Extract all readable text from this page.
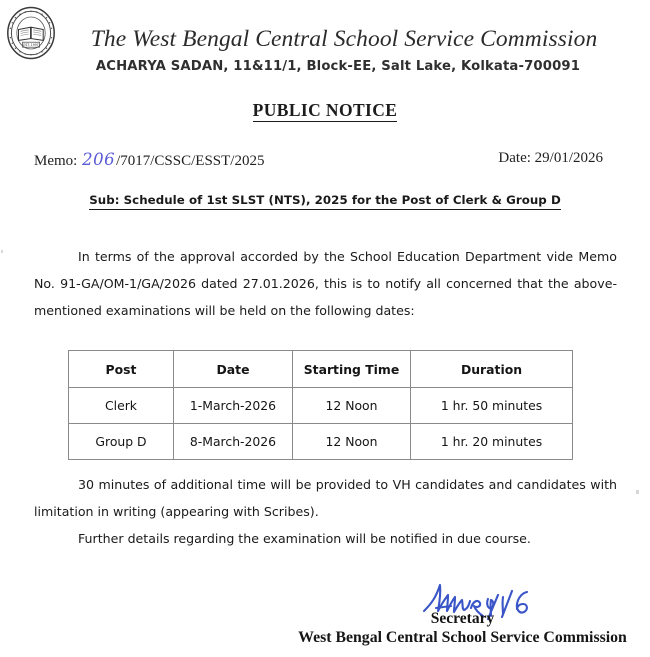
EST. 1997	The West Bengal Central School Service Commission
ACHARYA SADAN, 11&11/1, Block-EE, Salt Lake, Kolkata-700091
PUBLIC NOTICE
Memo: 206/7017/CSSC/ESST/2025	Date: 29/01/2026
Sub: Schedule of 1st SLST (NTS), 2025 for the Post of Clerk & Group D
In terms of the approval accorded by the School Education Department vide Memo No. 91-GA/OM-1/GA/2026 dated 27.01.2026, this is to notify all concerned that the above-mentioned examinations will be held on the following dates:
Post	Date	Starting Time	Duration
Clerk	1-March-2026	12 Noon	1 hr. 50 minutes
Group D	8-March-2026	12 Noon	1 hr. 20 minutes
30 minutes of additional time will be provided to VH candidates and candidates with limitation in writing (appearing with Scribes).
Further details regarding the examination will be notified in due course.
Secretary
West Bengal Central School Service Commission
